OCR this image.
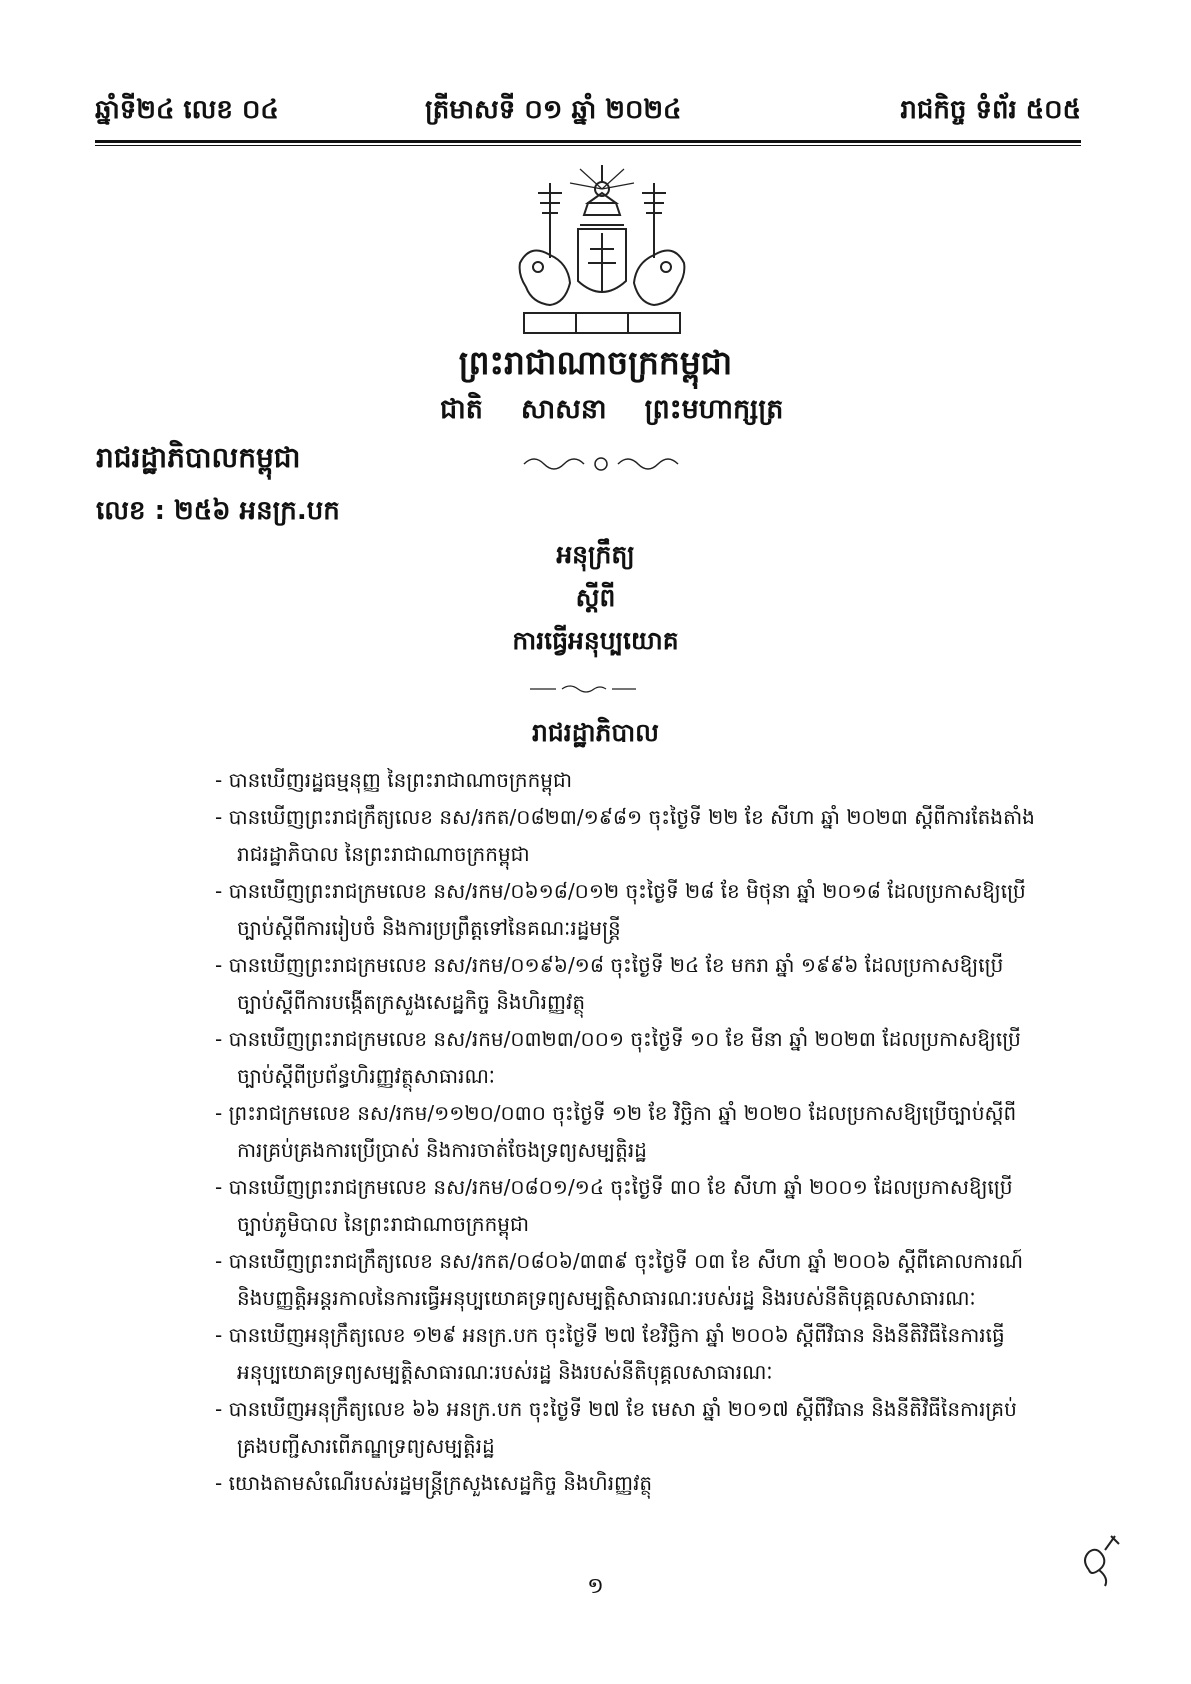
ឆ្នាំទី២៤ លេខ ០៤	ត្រីមាសទី ០១ ឆ្នាំ ២០២៤	រាជកិច្ច ទំព័រ ៥០៥
ព្រះរាជាណាចក្រកម្ពុជា
ជាតិ សាសនា ព្រះមហាក្សត្រ
រាជរដ្ឋាភិបាលកម្ពុជា
លេខ : ២៥៦ អនក្រ.បក
អនុក្រឹត្យ
ស្ដីពី
ការធ្វើអនុប្បយោគ
រាជរដ្ឋាភិបាល
- បានឃើញរដ្ឋធម្មនុញ្ញ នៃព្រះរាជាណាចក្រកម្ពុជា
- បានឃើញព្រះរាជក្រឹត្យលេខ នស/រកត/០៨២៣/១៩៨១ ចុះថ្ងៃទី ២២ ខែ សីហា ឆ្នាំ ២០២៣ ស្ដីពីការតែងតាំងរាជរដ្ឋាភិបាល នៃព្រះរាជាណាចក្រកម្ពុជា
- បានឃើញព្រះរាជក្រមលេខ នស/រកម/០៦១៨/០១២ ចុះថ្ងៃទី ២៨ ខែ មិថុនា ឆ្នាំ ២០១៨ ដែលប្រកាសឱ្យប្រើច្បាប់ស្ដីពីការរៀបចំ និងការប្រព្រឹត្តទៅនៃគណៈរដ្ឋមន្ត្រី
- បានឃើញព្រះរាជក្រមលេខ នស/រកម/០១៩៦/១៨ ចុះថ្ងៃទី ២៤ ខែ មករា ឆ្នាំ ១៩៩៦ ដែលប្រកាសឱ្យប្រើច្បាប់ស្ដីពីការបង្កើតក្រសួងសេដ្ឋកិច្ច និងហិរញ្ញវត្ថុ
- បានឃើញព្រះរាជក្រមលេខ នស/រកម/០៣២៣/០០១ ចុះថ្ងៃទី ១០ ខែ មីនា ឆ្នាំ ២០២៣ ដែលប្រកាសឱ្យប្រើច្បាប់ស្ដីពីប្រព័ន្ធហិរញ្ញវត្ថុសាធារណៈ
- ព្រះរាជក្រមលេខ នស/រកម/១១២០/០៣០ ចុះថ្ងៃទី ១២ ខែ វិច្ឆិកា ឆ្នាំ ២០២០ ដែលប្រកាសឱ្យប្រើច្បាប់ស្ដីពីការគ្រប់គ្រងការប្រើប្រាស់ និងការចាត់ចែងទ្រព្យសម្បត្តិរដ្ឋ
- បានឃើញព្រះរាជក្រមលេខ នស/រកម/០៨០១/១៤ ចុះថ្ងៃទី ៣០ ខែ សីហា ឆ្នាំ ២០០១ ដែលប្រកាសឱ្យប្រើច្បាប់ភូមិបាល នៃព្រះរាជាណាចក្រកម្ពុជា
- បានឃើញព្រះរាជក្រឹត្យលេខ នស/រកត/០៨០៦/៣៣៩ ចុះថ្ងៃទី ០៣ ខែ សីហា ឆ្នាំ ២០០៦ ស្ដីពីគោលការណ៍ និងបញ្ញត្តិអន្តរកាលនៃការធ្វើអនុប្បយោគទ្រព្យសម្បត្តិសាធារណៈរបស់រដ្ឋ និងរបស់នីតិបុគ្គលសាធារណៈ
- បានឃើញអនុក្រឹត្យលេខ ១២៩ អនក្រ.បក ចុះថ្ងៃទី ២៧ ខែវិច្ឆិកា ឆ្នាំ ២០០៦ ស្ដីពីវិធាន និងនីតិវិធីនៃការធ្វើអនុប្បយោគទ្រព្យសម្បត្តិសាធារណៈរបស់រដ្ឋ និងរបស់នីតិបុគ្គលសាធារណៈ
- បានឃើញអនុក្រឹត្យលេខ ៦៦ អនក្រ.បក ចុះថ្ងៃទី ២៧ ខែ មេសា ឆ្នាំ ២០១៧ ស្ដីពីវិធាន និងនីតិវិធីនៃការគ្រប់គ្រងបញ្ជីសារពើភណ្ឌទ្រព្យសម្បត្តិរដ្ឋ
- យោងតាមសំណើរបស់រដ្ឋមន្ត្រីក្រសួងសេដ្ឋកិច្ច និងហិរញ្ញវត្ថុ
១
